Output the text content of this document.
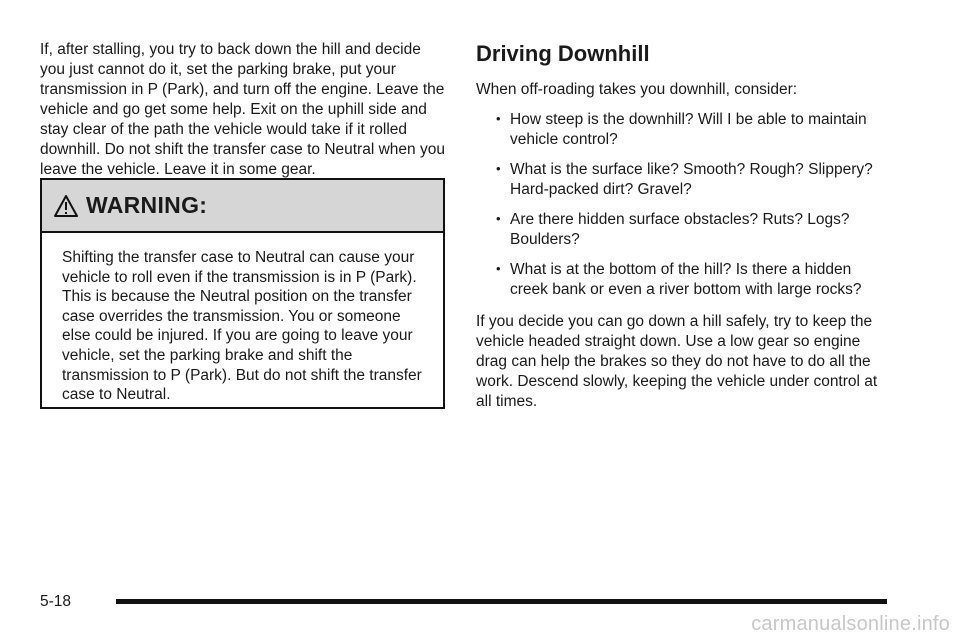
If, after stalling, you try to back down the hill and decide you just cannot do it, set the parking brake, put your transmission in P (Park), and turn off the engine. Leave the vehicle and go get some help. Exit on the uphill side and stay clear of the path the vehicle would take if it rolled downhill. Do not shift the transfer case to Neutral when you leave the vehicle. Leave it in some gear.

WARNING:

Shifting the transfer case to Neutral can cause your vehicle to roll even if the transmission is in P (Park). This is because the Neutral position on the transfer case overrides the transmission. You or someone else could be injured. If you are going to leave your vehicle, set the parking brake and shift the transmission to P (Park). But do not shift the transfer case to Neutral.

Driving Downhill

When off-roading takes you downhill, consider:

• How steep is the downhill? Will I be able to maintain vehicle control?
• What is the surface like? Smooth? Rough? Slippery? Hard-packed dirt? Gravel?
• Are there hidden surface obstacles? Ruts? Logs? Boulders?
• What is at the bottom of the hill? Is there a hidden creek bank or even a river bottom with large rocks?

If you decide you can go down a hill safely, try to keep the vehicle headed straight down. Use a low gear so engine drag can help the brakes so they do not have to do all the work. Descend slowly, keeping the vehicle under control at all times.

5-18
carmanualsonline.info
